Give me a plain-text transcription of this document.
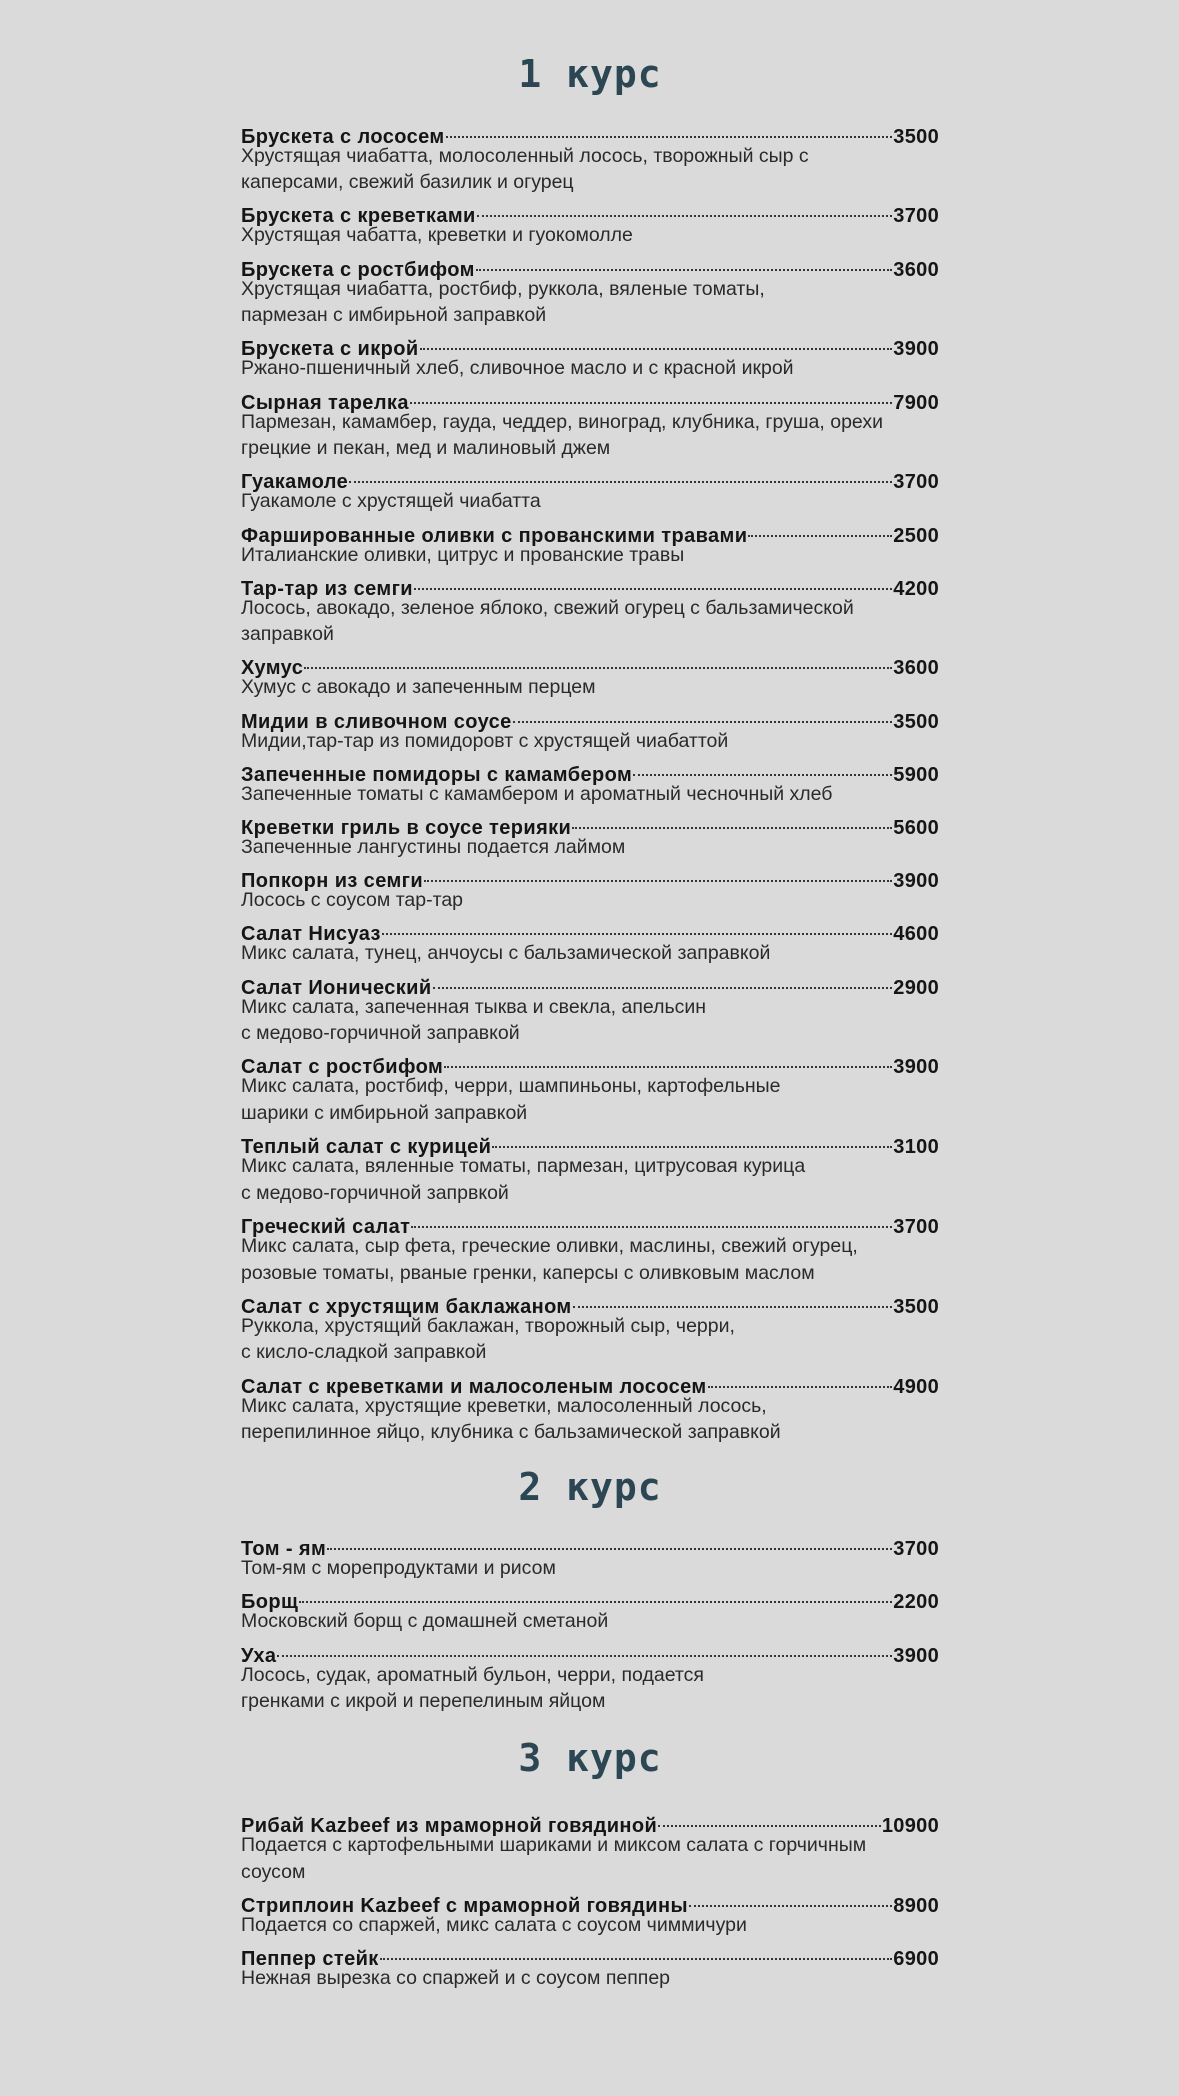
1 курс
Брускета с лососем	3500
Хрустящая чиабатта, молосоленный лосось, творожный сыр с
каперсами, свежий базилик и огурец
Брускета с креветками	3700
Хрустящая чабатта, креветки и гуокомолле
Брускета с ростбифом	3600
Хрустящая чиабатта, ростбиф, руккола, вяленые томаты,
пармезан с имбирьной заправкой
Брускета с икрой	3900
Ржано-пшеничный хлеб, сливочное масло и с красной икрой
Сырная тарелка	7900
Пармезан, камамбер, гауда, чеддер, виноград, клубника, груша, орехи
грецкие и пекан, мед и малиновый джем
Гуакамоле	3700
Гуакамоле с хрустящей чиабатта
Фаршированные оливки с прованскими травами	2500
Италианские оливки, цитрус и прованские травы
Тар-тар из семги	4200
Лосось, авокадо, зеленое яблоко, свежий огурец с бальзамической
заправкой
Хумус	3600
Хумус с авокадо и запеченным перцем
Мидии в сливочном соусе	3500
Мидии,тар-тар из помидоровт с хрустящей чиабаттой
Запеченные помидоры с камамбером	5900
Запеченные томаты с камамбером и ароматный чесночный хлеб
Креветки гриль в соусе терияки	5600
Запеченные лангустины подается лаймом
Попкорн из семги	3900
Лосось с соусом тар-тар
Салат Нисуаз	4600
Микс салата, тунец, анчоусы с бальзамической заправкой
Салат Ионический	2900
Микс салата, запеченная тыква и свекла, апельсин
с медово-горчичной заправкой
Салат с ростбифом	3900
Микс салата, ростбиф, черри, шампиньоны, картофельные
шарики с имбирьной заправкой
Теплый салат с курицей	3100
Микс салата, вяленные томаты, пармезан, цитрусовая курица
с медово-горчичной запрвкой
Греческий салат	3700
Микс салата, сыр фета, греческие оливки, маслины, свежий огурец,
розовые томаты, рваные гренки, каперсы с оливковым маслом
Салат с хрустящим баклажаном	3500
Руккола, хрустящий баклажан, творожный сыр, черри,
с кисло-сладкой заправкой
Салат с креветками и малосоленым лососем	4900
Микс салата, хрустящие креветки, малосоленный лосось,
перепилинное яйцо, клубника с бальзамической заправкой
2 курс
Том - ям	3700
Том-ям с морепродуктами и рисом
Борщ	2200
Московский борщ с домашней сметаной
Уха	3900
Лосось, судак, ароматный бульон, черри, подается
гренками с икрой и перепелиным яйцом
3 курс
Рибай Kazbeef из мраморной говядиной	10900
Подается с картофельными шариками и миксом салата с горчичным
соусом
Стриплоин Kazbeef с мраморной говядины	8900
Подается со спаржей, микс салата с соусом чиммичури
Пеппер стейк	6900
Нежная вырезка со спаржей и с соусом пеппер
